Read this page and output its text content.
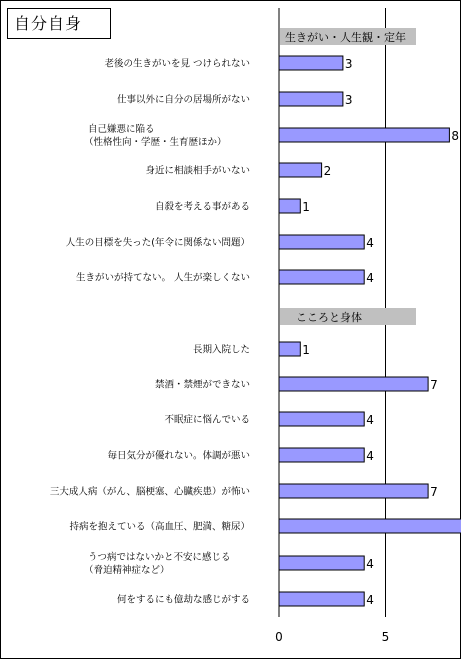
自分自身
0	5
生きがい・人生観・定年
3
老後の生きがいを見 つけられない
3
仕事以外に自分の居場所がない
8
自己嫌悪に陥る
（性格性向・学歴・生育歴ほか）
2
身近に相談相手がいない
1
自殺を考える事がある
4
人生の目標を失った(年令に関係ない問題）
4
生きがいが持てない。 人生が楽しくない
こころと身体
1
長期入院した
7
禁酒・禁煙ができない
4
不眠症に悩んでいる
4
毎日気分が優れない。体調が悪い
7
三大成人病（がん、脳梗塞、心臓疾患）が怖い
持病を抱えている（高血圧、肥満、糖尿）
4
うつ病ではないかと不安に感じる
（脅迫精神症など）
4
何をするにも億劫な感じがする
